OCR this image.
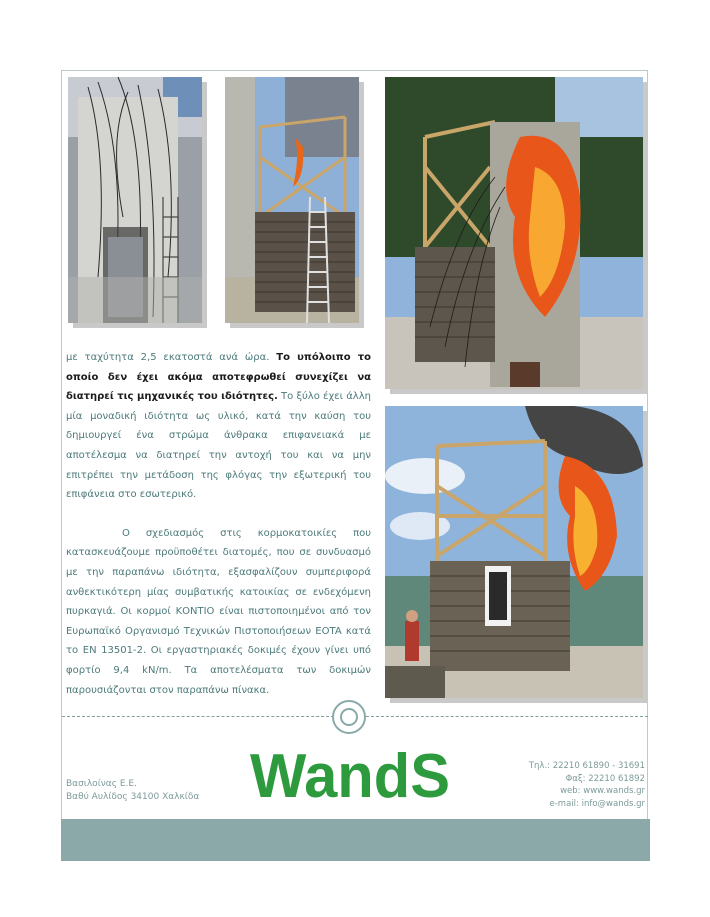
με ταχύτητα 2,5 εκατοστά ανά ώρα. Το υπόλοιπο το οποίο δεν έχει ακόμα αποτεφρωθεί συνεχίζει να διατηρεί τις μηχανικές του ιδιότητες. Το ξύλο έχει άλλη μία μοναδική ιδιότητα ως υλικό, κατά την καύση του δημιουργεί ένα στρώμα άνθρακα επιφανειακά με αποτέλεσμα να διατηρεί την αντοχή του και να μην επιτρέπει την μετάδοση της φλόγας την εξωτερική του επιφάνεια στο εσωτερικό.

Ο σχεδιασμός στις κορμοκατοικίες που κατασκευάζουμε προϋποθέτει διατομές, που σε συνδυασμό με την παραπάνω ιδιότητα, εξασφαλίζουν συμπεριφορά ανθεκτικότερη μίας συμβατικής κατοικίας σε ενδεχόμενη πυρκαγιά. Οι κορμοί ΚΟΝΤΙΟ είναι πιστοποιημένοι από τον Ευρωπαϊκό Οργανισμό Τεχνικών Πιστοποιήσεων EOTA κατά το EN 13501-2. Οι εργαστηριακές δοκιμές έχουν γίνει υπό φορτίο 9,4 kN/m. Τα αποτελέσματα των δοκιμών παρουσιάζονται στον παραπάνω πίνακα.

WandS
Βασιλοίνας Ε.Ε.
Βαθύ Αυλίδος 34100 Χαλκίδα
Τηλ.: 22210 61890 - 31691
Φαξ: 22210 61892
web: www.wands.gr
e-mail: info@wands.gr
